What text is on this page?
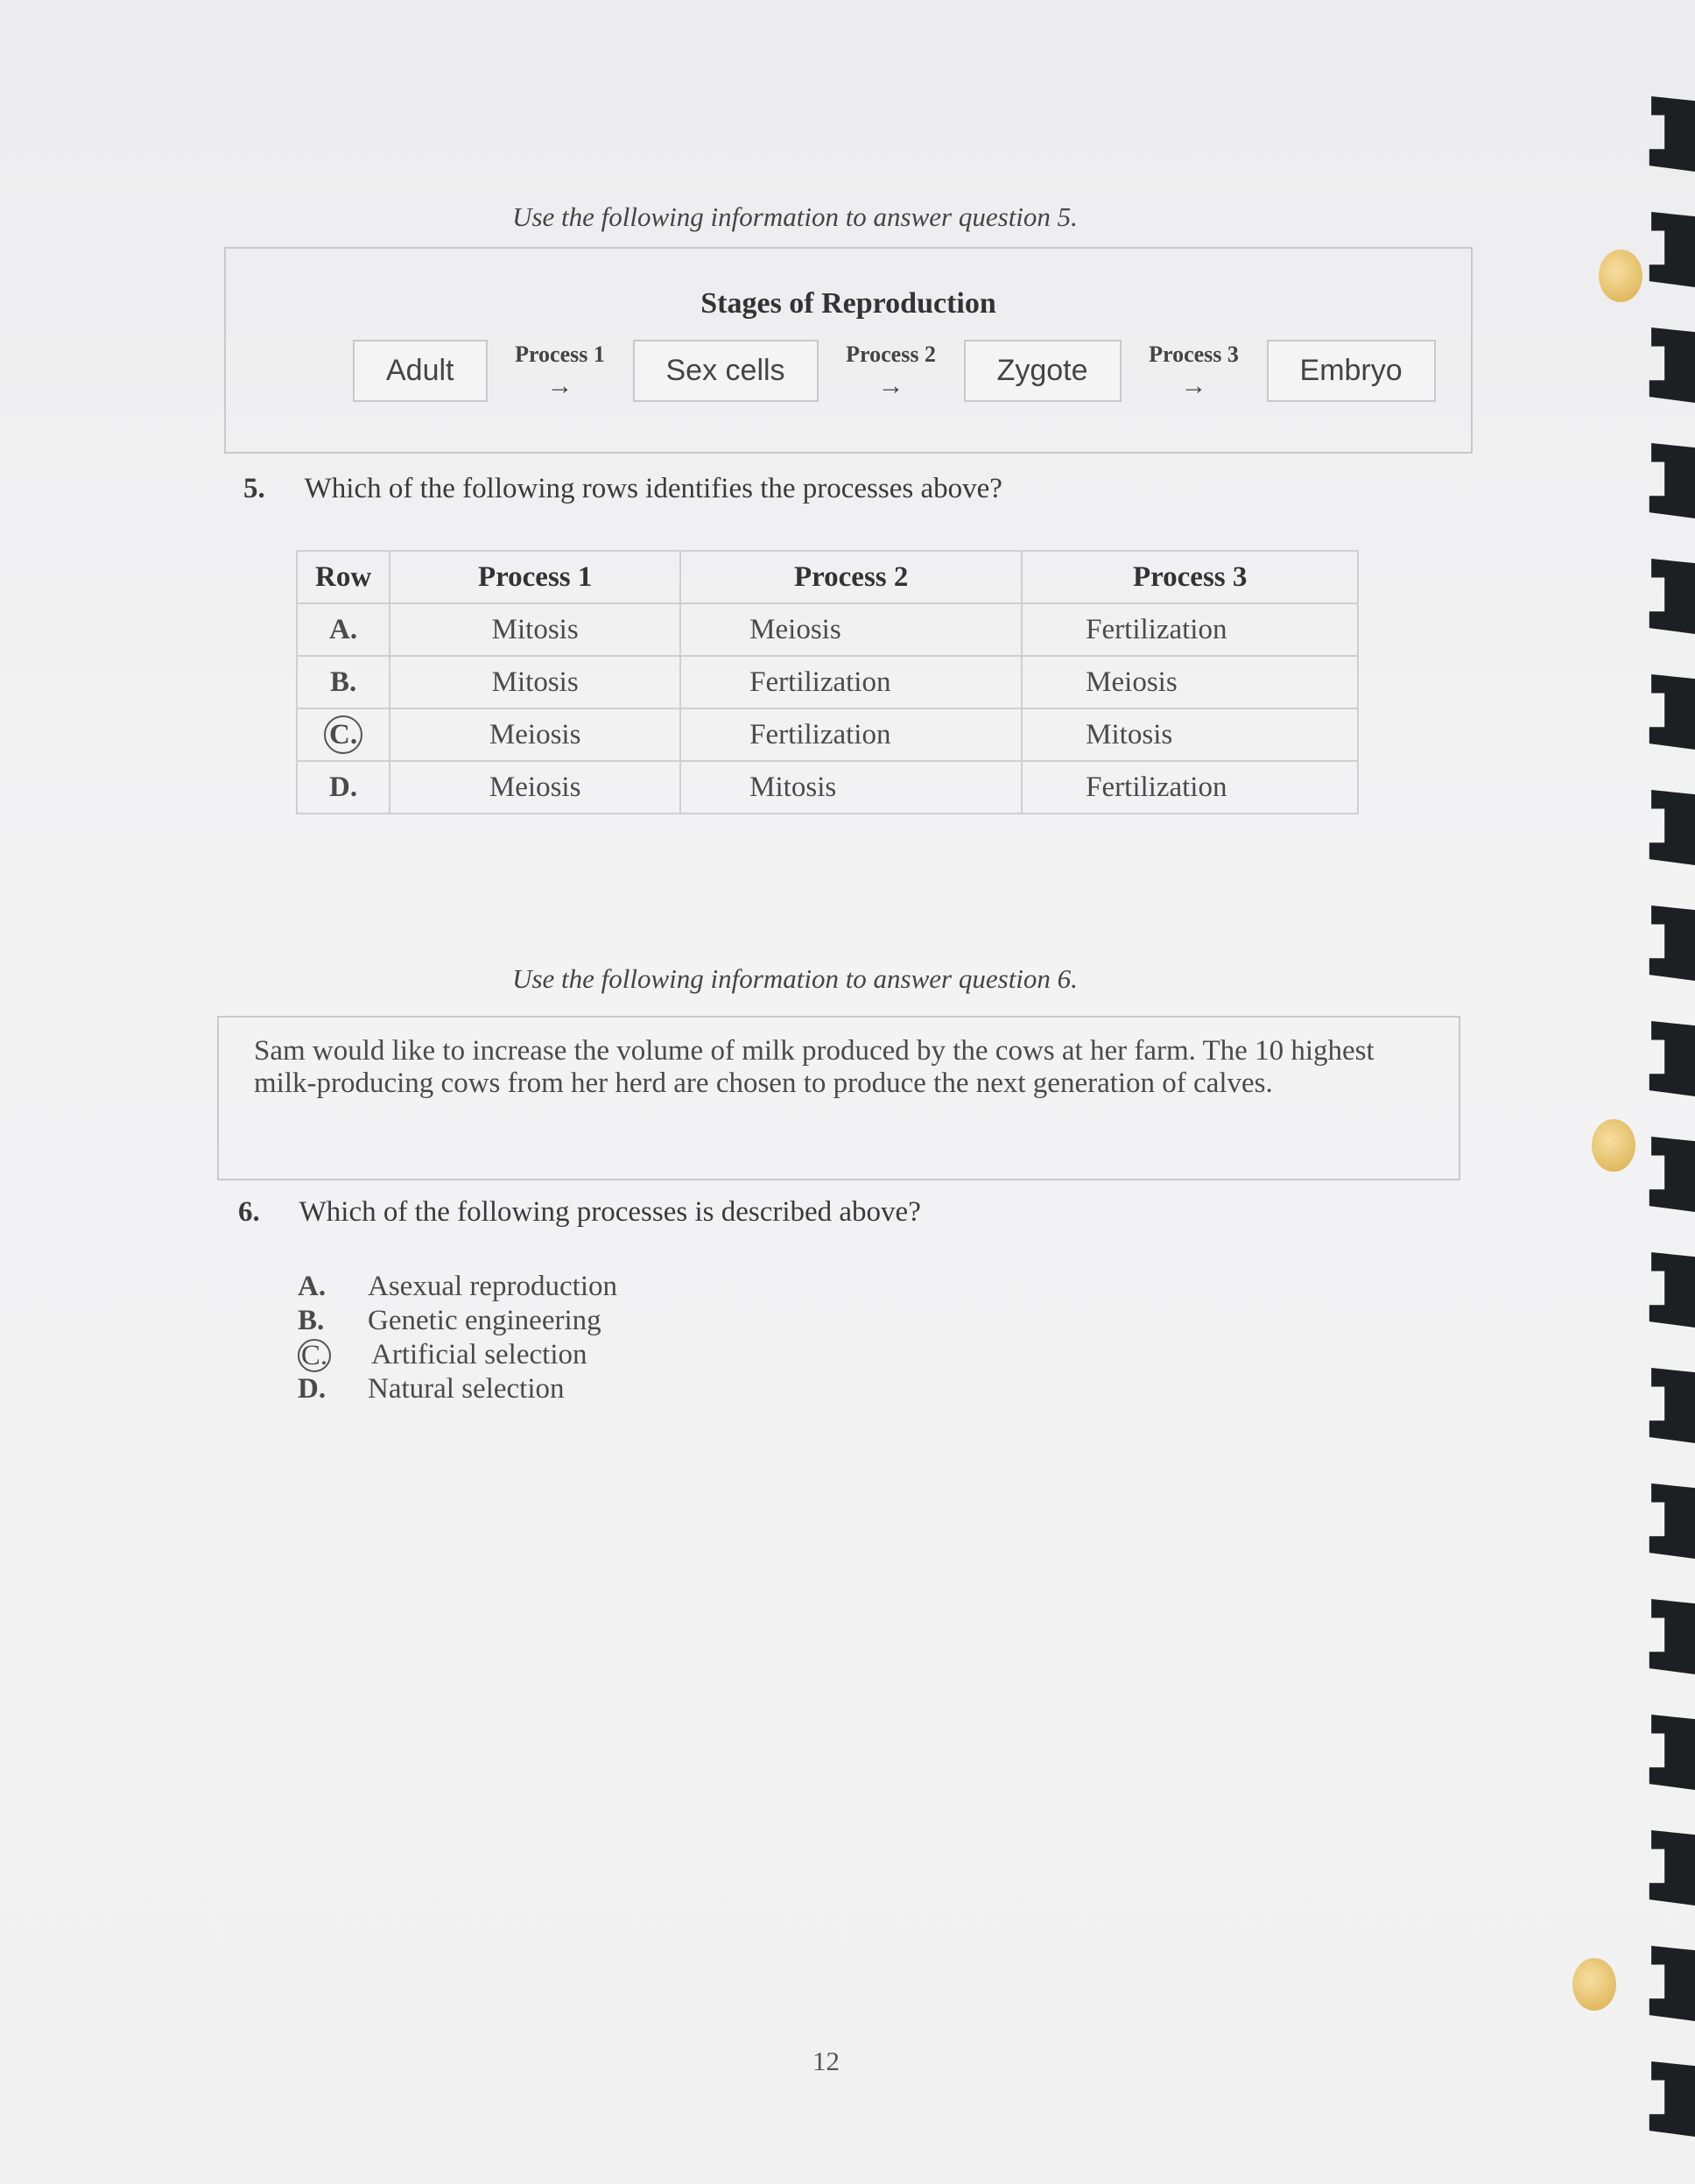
Use the following information to answer question 5.
Stages of Reproduction
Adult	Process 1
→	Sex cells	Process 2
→	Zygote	Process 3
→	Embryo
5. Which of the following rows identifies the processes above?
Row	Process 1	Process 2	Process 3
A.	Mitosis	Meiosis	Fertilization
B.	Mitosis	Fertilization	Meiosis
C.	Meiosis	Fertilization	Mitosis
D.	Meiosis	Mitosis	Fertilization
Use the following information to answer question 6.
Sam would like to increase the volume of milk produced by the cows at her farm. The 10 highest milk-producing cows from her herd are chosen to produce the next generation of calves.
6. Which of the following processes is described above?
A.	Asexual reproduction
B.	Genetic engineering
C. Artificial selection
D.	Natural selection
12
